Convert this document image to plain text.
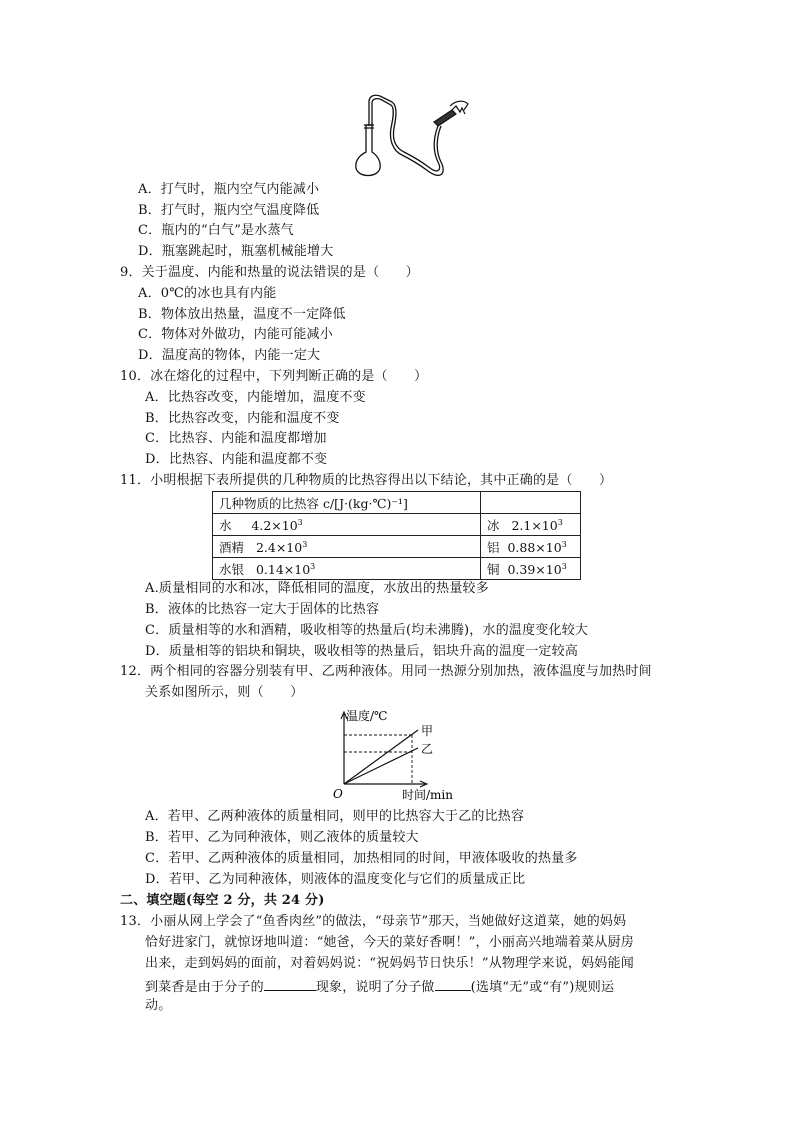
A．打气时，瓶内空气内能减小
B．打气时，瓶内空气温度降低
C．瓶内的“白气”是水蒸气
D．瓶塞跳起时，瓶塞机械能增大
9．关于温度、内能和热量的说法错误的是（　　）
A．0℃的冰也具有内能
B．物体放出热量，温度不一定降低
C．物体对外做功，内能可能减小
D．温度高的物体，内能一定大
10．冰在熔化的过程中，下列判断正确的是（　　）
A．比热容改变，内能增加，温度不变
B．比热容改变，内能和温度不变
C．比热容、内能和温度都增加
D．比热容、内能和温度都不变
11．小明根据下表所提供的几种物质的比热容得出以下结论，其中正确的是（　　）
几种物质的比热容 c/[J·(kg·℃)⁻¹]	
水 $4.2\times 10^3$	冰 $2.1\times 10^3$
酒精 $2.4\times 10^3$	铝 $0.88\times 10^3$
水银 $0.14\times 10^3$	铜 $0.39\times 10^3$
A.质量相同的水和冰，降低相同的温度，水放出的热量较多
B．液体的比热容一定大于固体的比热容
C．质量相等的水和酒精，吸收相等的热量后(均未沸腾)，水的温度变化较大
D．质量相等的铝块和铜块，吸收相等的热量后，铝块升高的温度一定较高
12．两个相同的容器分别装有甲、乙两种液体。用同一热源分别加热，液体温度与加热时间
关系如图所示，则（　　）
温度/℃
甲
乙
O	时间/min
A．若甲、乙两种液体的质量相同，则甲的比热容大于乙的比热容
B．若甲、乙为同种液体，则乙液体的质量较大
C．若甲、乙两种液体的质量相同，加热相同的时间，甲液体吸收的热量多
D．若甲、乙为同种液体，则液体的温度变化与它们的质量成正比
二、填空题(每空 2 分，共 24 分)
13．小丽从网上学会了“鱼香肉丝”的做法，“母亲节”那天，当她做好这道菜，她的妈妈
恰好进家门，就惊讶地叫道：“她爸，今天的菜好香啊！”，小丽高兴地端着菜从厨房
出来，走到妈妈的面前，对着妈妈说：“祝妈妈节日快乐！”从物理学来说，妈妈能闻
到菜香是由于分子的	现象，说明了分子做	(选填“无”或“有”)规则运
动。
